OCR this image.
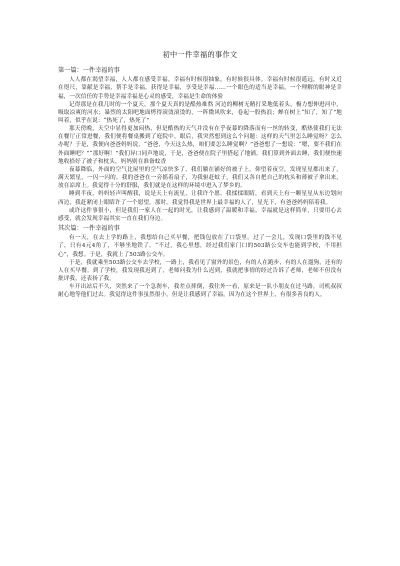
初中一件幸福的事作文
第一篇：一件幸福的事

人人都在渴望幸福，人人都在感受幸福。幸福有时候很抽象，有时候很具体。幸福有时候很遥远，有时又近在咫尺，靠献是幸福，帮手是幸福，获得是幸福，享受是幸福……一个眼色的适当是幸福，一个理解的眼神是幸福，一次信任的手势是幸福幸福是心灵的感受，幸福是生命的体验

记得那是在我几时的一个夏天，那个夏天真的是酷热难熬 河边的柳树无精打采地低着头，极力想伸进河中，吸取凉爽的河水；暴烈的太阳吧地面烤得滚烫滚烫的，一阵微风吹来，卷起一股热浪；蝉在树上“知了，知了”地叫着，似乎在说：“热死了，热死了”

那天傍晚，天空中显得更加闷热，但是酷热的天气并没有在乎夜幕的降落而有一丝的转变，酷热使我们无法在餐厅正常进餐，我们便将餐桌搬到了庭院中，眼后，我突然想到这么个问题：这样的天气里怎么睡觉呀？怎么办呢？于是，我便向爸爸妈妈说，“爸爸，今天这么热，咱们要怎么睡觉啊？”爸爸想了一想说：“嗯，要不我们在外面睡吧？”“那好啊！”我们异口同声地说，于是，爸爸便在院子里搭起了地铺，我们算到外面去睡，我们便快速地收拾好了被子和枕头，妈妈则在准备蚊香

夜幕降临，外面的空气比屋里的空气凉快多了，我们躺在铺好的被子上，仰望着夜空，发现星星都出来了，满天繁星，一闪一闪的。我的爸爸在一旁摇着扇子，为我驱赶蚊子，我们又各自把自己的枕头和薄被子拿出来，放在凉席上。我觉得十分的舒服，我们就是在这样的环境中进入了梦乡的。

睡到半夜，妈妈轻声叫醒我，说是天上有流星，让我许个愿。我揉揉眼睛，看到天上有一颗星星从东边划向西边，我赶紧闭上眼睛许了一个愿望。那时，我觉得我是世界上最幸福的人了，星光下，有爸爸妈妈陪着我。

或许这件事很小，但是我们一家人在一起的时光，让我感到了温暖和幸福。幸福就是这样简单，只要用心去感受，就会发现幸福其实一直在我们身边。

其次篇：一件幸福的事

有一天，在去上学的路上，我想给自己买早餐，把钱包放在了口袋里。过了一会儿，发现口袋里的钱不见了，只有4元4角了，不够坐地铁了。“不过，我心里想，经过我们家门口的503路公交车也能到学校，不用担心”，我想。于是，我就上了503路公交车。

于是，我就乘坐503路公交车去学校，一路上，我看见了窗外的景色，有的人在跑步，有的人在遛狗，还有的人在买早餐。到了学校，我发现我迟到了，老师问我为什么迟到，我就把事情的经过告诉了老师，老师不但没有批评我，还表扬了我。

车开出站后不久，突然来了一个急刹车，我差点摔倒，我往外一看，原来是一队小朋友在过马路，司机叔叔耐心地等他们过去。我觉得这件事虽然很小，但是让我感到了幸福，因为在这个世界上，有很多善良的人。
